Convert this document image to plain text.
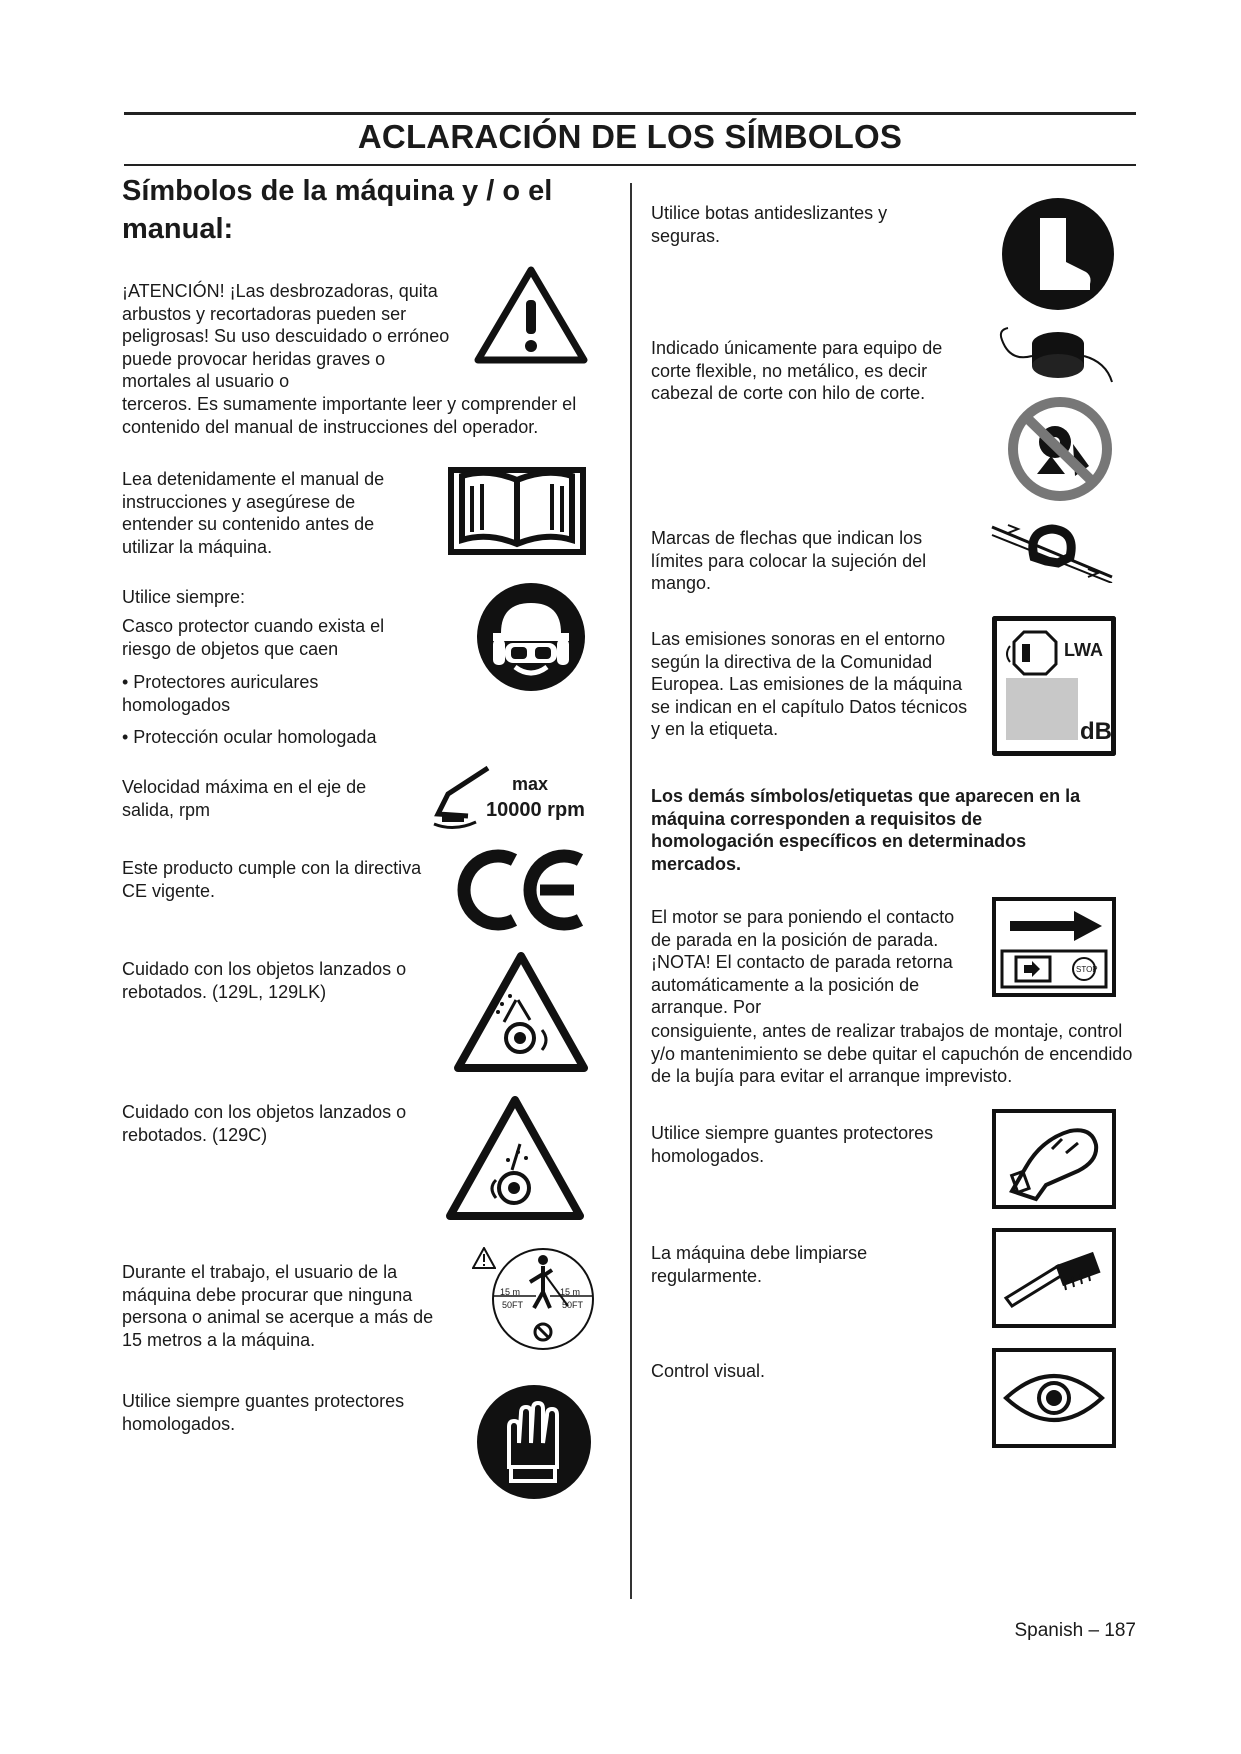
ACLARACIÓN DE LOS SÍMBOLOS
Símbolos de la máquina y / o el manual:
¡ATENCIÓN! ¡Las desbrozadoras, quita arbustos y recortadoras pueden ser peligrosas! Su uso descuidado o erróneo puede provocar heridas graves o mortales al usuario o
terceros. Es sumamente importante leer y comprender el contenido del manual de instrucciones del operador.
Lea detenidamente el manual de instrucciones y asegúrese de entender su contenido antes de utilizar la máquina.
Utilice siempre:
Casco protector cuando exista el riesgo de objetos que caen
• Protectores auriculares homologados
• Protección ocular homologada
Velocidad máxima en el eje de salida, rpm
max
10000 rpm
Este producto cumple con la directiva CE vigente.
Cuidado con los objetos lanzados o rebotados. (129L, 129LK)
Cuidado con los objetos lanzados o rebotados. (129C)
Durante el trabajo, el usuario de la máquina debe procurar que ninguna persona o animal se acerque a más de 15 metros a la máquina.
15 m
50FT
15 m
50FT
Utilice siempre guantes protectores homologados.
Utilice botas antideslizantes y seguras.
Indicado únicamente para equipo de corte flexible, no metálico, es decir cabezal de corte con hilo de corte.
Marcas de flechas que indican los límites para colocar la sujeción del mango.
Las emisiones sonoras en el entorno según la directiva de la Comunidad Europea. Las emisiones de la máquina se indican en el capítulo Datos técnicos y en la etiqueta.
LWA
dB
Los demás símbolos/etiquetas que aparecen en la máquina corresponden a requisitos de homologación específicos en determinados mercados.
El motor se para poniendo el contacto de parada en la posición de parada. ¡NOTA! El contacto de parada retorna automáticamente a la posición de arranque. Por
consiguiente, antes de realizar trabajos de montaje, control y/o mantenimiento se debe quitar el capuchón de encendido de la bujía para evitar el arranque imprevisto.
STOP
Utilice siempre guantes protectores homologados.
La máquina debe limpiarse regularmente.
Control visual.
Spanish – 187
